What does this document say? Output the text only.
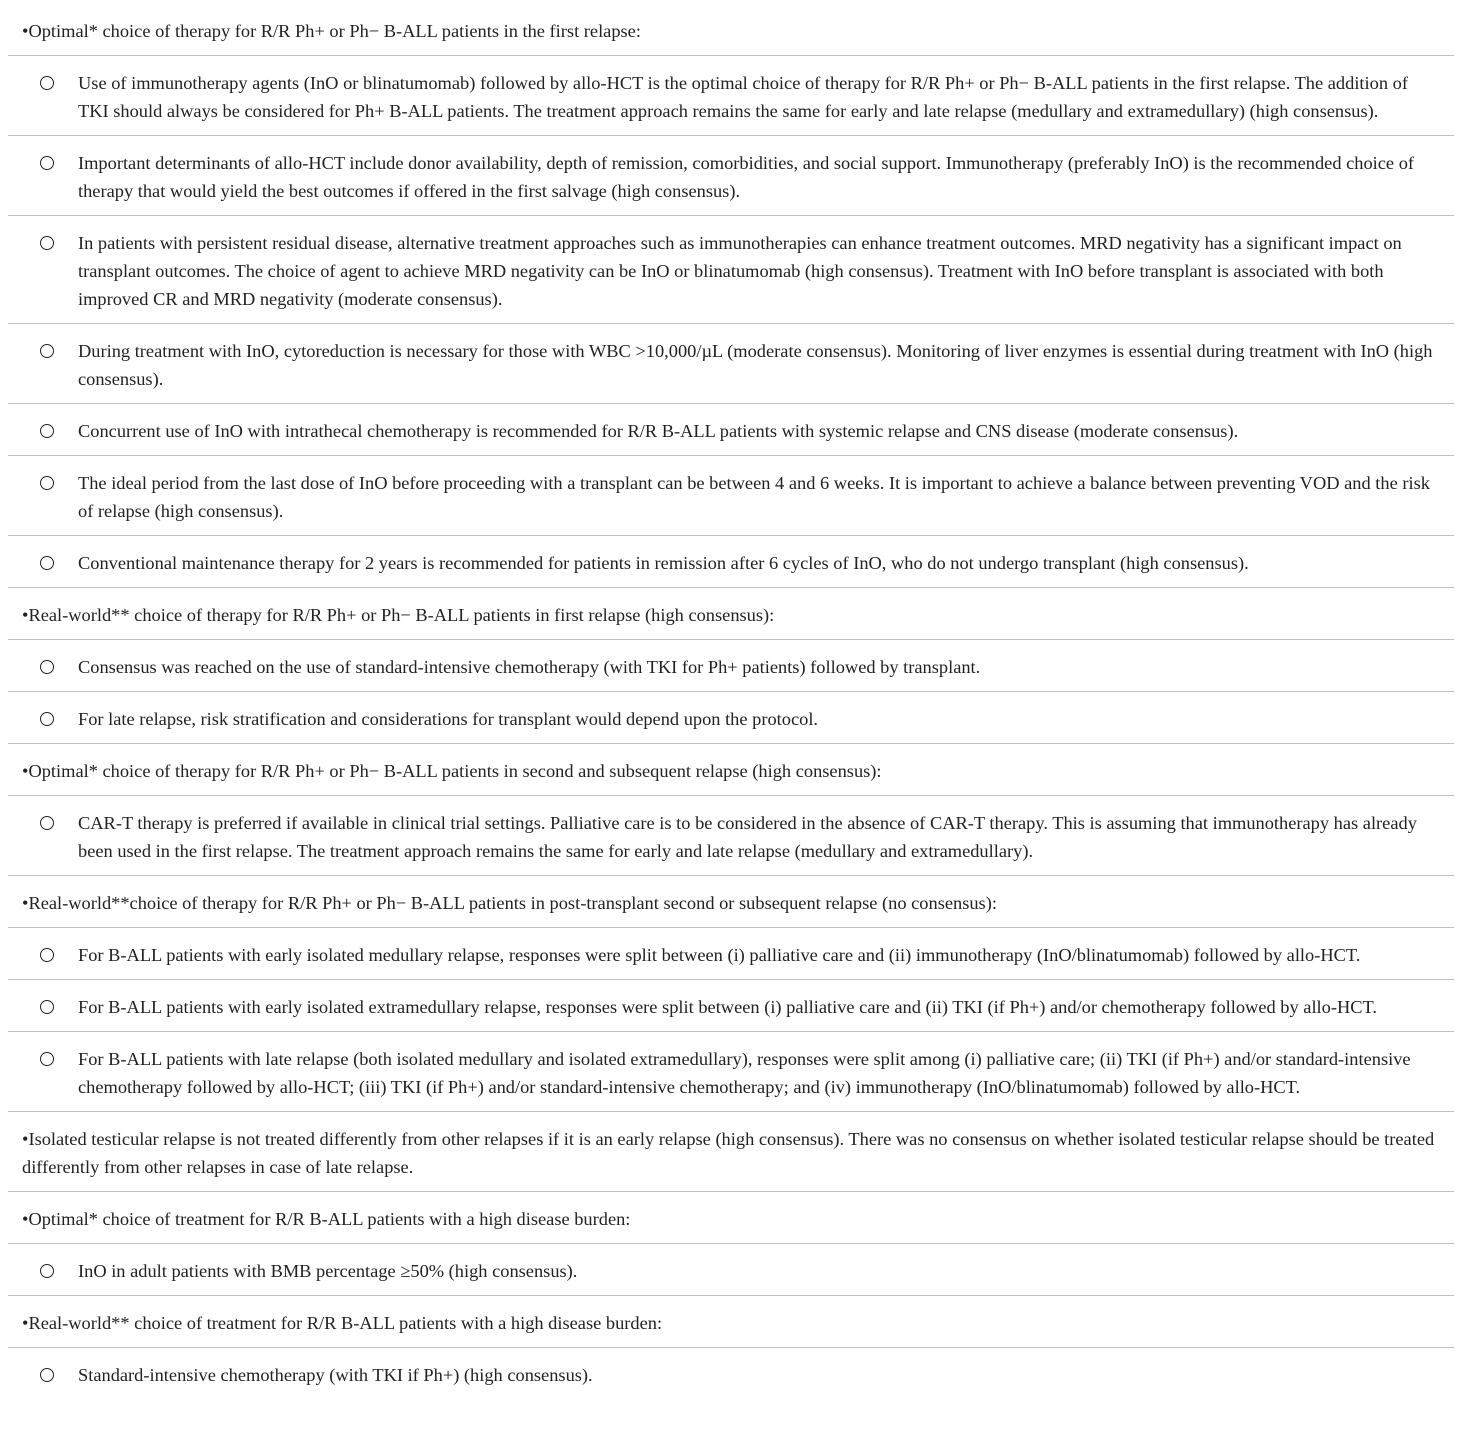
•Optimal* choice of therapy for R/R Ph+ or Ph− B-ALL patients in the first relapse:
Use of immunotherapy agents (InO or blinatumomab) followed by allo-HCT is the optimal choice of therapy for R/R Ph+ or Ph− B-ALL patients in the first relapse. The addition of TKI should always be considered for Ph+ B-ALL patients. The treatment approach remains the same for early and late relapse (medullary and extramedullary) (high consensus).
Important determinants of allo-HCT include donor availability, depth of remission, comorbidities, and social support. Immunotherapy (preferably InO) is the recommended choice of therapy that would yield the best outcomes if offered in the first salvage (high consensus).
In patients with persistent residual disease, alternative treatment approaches such as immunotherapies can enhance treatment outcomes. MRD negativity has a significant impact on transplant outcomes. The choice of agent to achieve MRD negativity can be InO or blinatumomab (high consensus). Treatment with InO before transplant is associated with both improved CR and MRD negativity (moderate consensus).
During treatment with InO, cytoreduction is necessary for those with WBC >10,000/µL (moderate consensus). Monitoring of liver enzymes is essential during treatment with InO (high consensus).
Concurrent use of InO with intrathecal chemotherapy is recommended for R/R B-ALL patients with systemic relapse and CNS disease (moderate consensus).
The ideal period from the last dose of InO before proceeding with a transplant can be between 4 and 6 weeks. It is important to achieve a balance between preventing VOD and the risk of relapse (high consensus).
Conventional maintenance therapy for 2 years is recommended for patients in remission after 6 cycles of InO, who do not undergo transplant (high consensus).
•Real-world** choice of therapy for R/R Ph+ or Ph− B-ALL patients in first relapse (high consensus):
Consensus was reached on the use of standard-intensive chemotherapy (with TKI for Ph+ patients) followed by transplant.
For late relapse, risk stratification and considerations for transplant would depend upon the protocol.
•Optimal* choice of therapy for R/R Ph+ or Ph− B-ALL patients in second and subsequent relapse (high consensus):
CAR-T therapy is preferred if available in clinical trial settings. Palliative care is to be considered in the absence of CAR-T therapy. This is assuming that immunotherapy has already been used in the first relapse. The treatment approach remains the same for early and late relapse (medullary and extramedullary).
•Real-world**choice of therapy for R/R Ph+ or Ph− B-ALL patients in post-transplant second or subsequent relapse (no consensus):
For B-ALL patients with early isolated medullary relapse, responses were split between (i) palliative care and (ii) immunotherapy (InO/blinatumomab) followed by allo-HCT.
For B-ALL patients with early isolated extramedullary relapse, responses were split between (i) palliative care and (ii) TKI (if Ph+) and/or chemotherapy followed by allo-HCT.
For B-ALL patients with late relapse (both isolated medullary and isolated extramedullary), responses were split among (i) palliative care; (ii) TKI (if Ph+) and/or standard-intensive chemotherapy followed by allo-HCT; (iii) TKI (if Ph+) and/or standard-intensive chemotherapy; and (iv) immunotherapy (InO/blinatumomab) followed by allo-HCT.
•Isolated testicular relapse is not treated differently from other relapses if it is an early relapse (high consensus). There was no consensus on whether isolated testicular relapse should be treated differently from other relapses in case of late relapse.
•Optimal* choice of treatment for R/R B-ALL patients with a high disease burden:
InO in adult patients with BMB percentage ≥50% (high consensus).
•Real-world** choice of treatment for R/R B-ALL patients with a high disease burden:
Standard-intensive chemotherapy (with TKI if Ph+) (high consensus).
